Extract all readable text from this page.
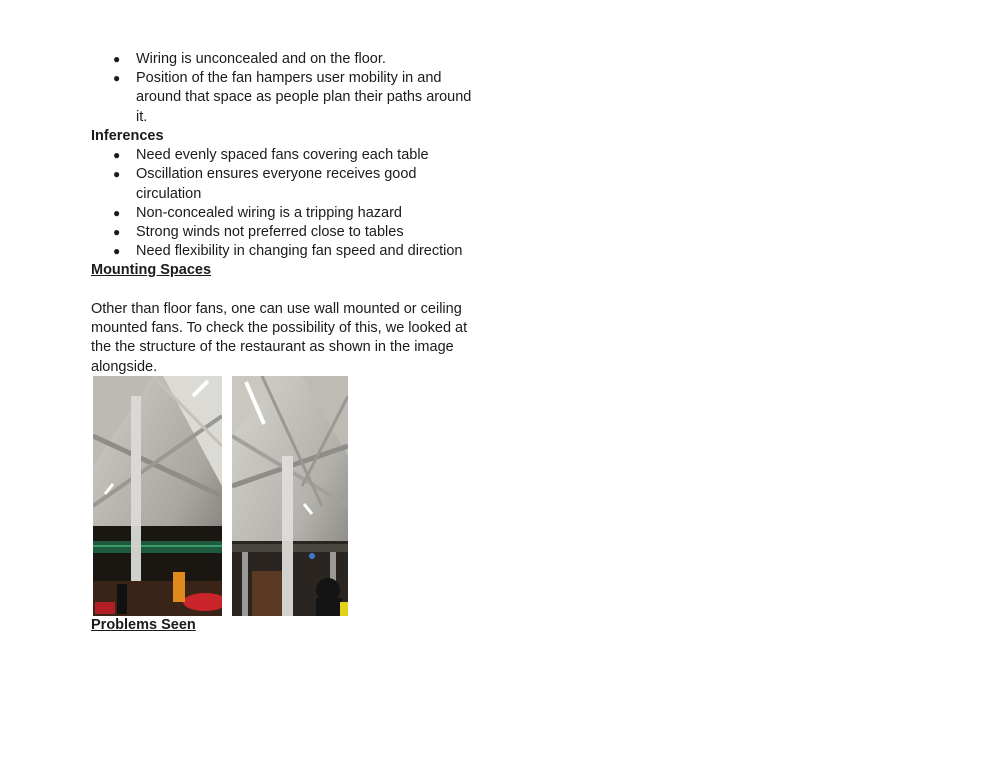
● Wiring is unconcealed and on the floor.
● Position of the fan hampers user mobility in and around that space as people plan their paths around it.
Inferences
● Need evenly spaced fans covering each table
● Oscillation ensures everyone receives good circulation
● Non-concealed wiring is a tripping hazard
● Strong winds not preferred close to tables
● Need flexibility in changing fan speed and direction
Mounting Spaces
Other than floor fans, one can use wall mounted or ceiling mounted fans. To check the possibility of this, we looked at the the structure of the restaurant as shown in the image alongside.
Problems Seen
